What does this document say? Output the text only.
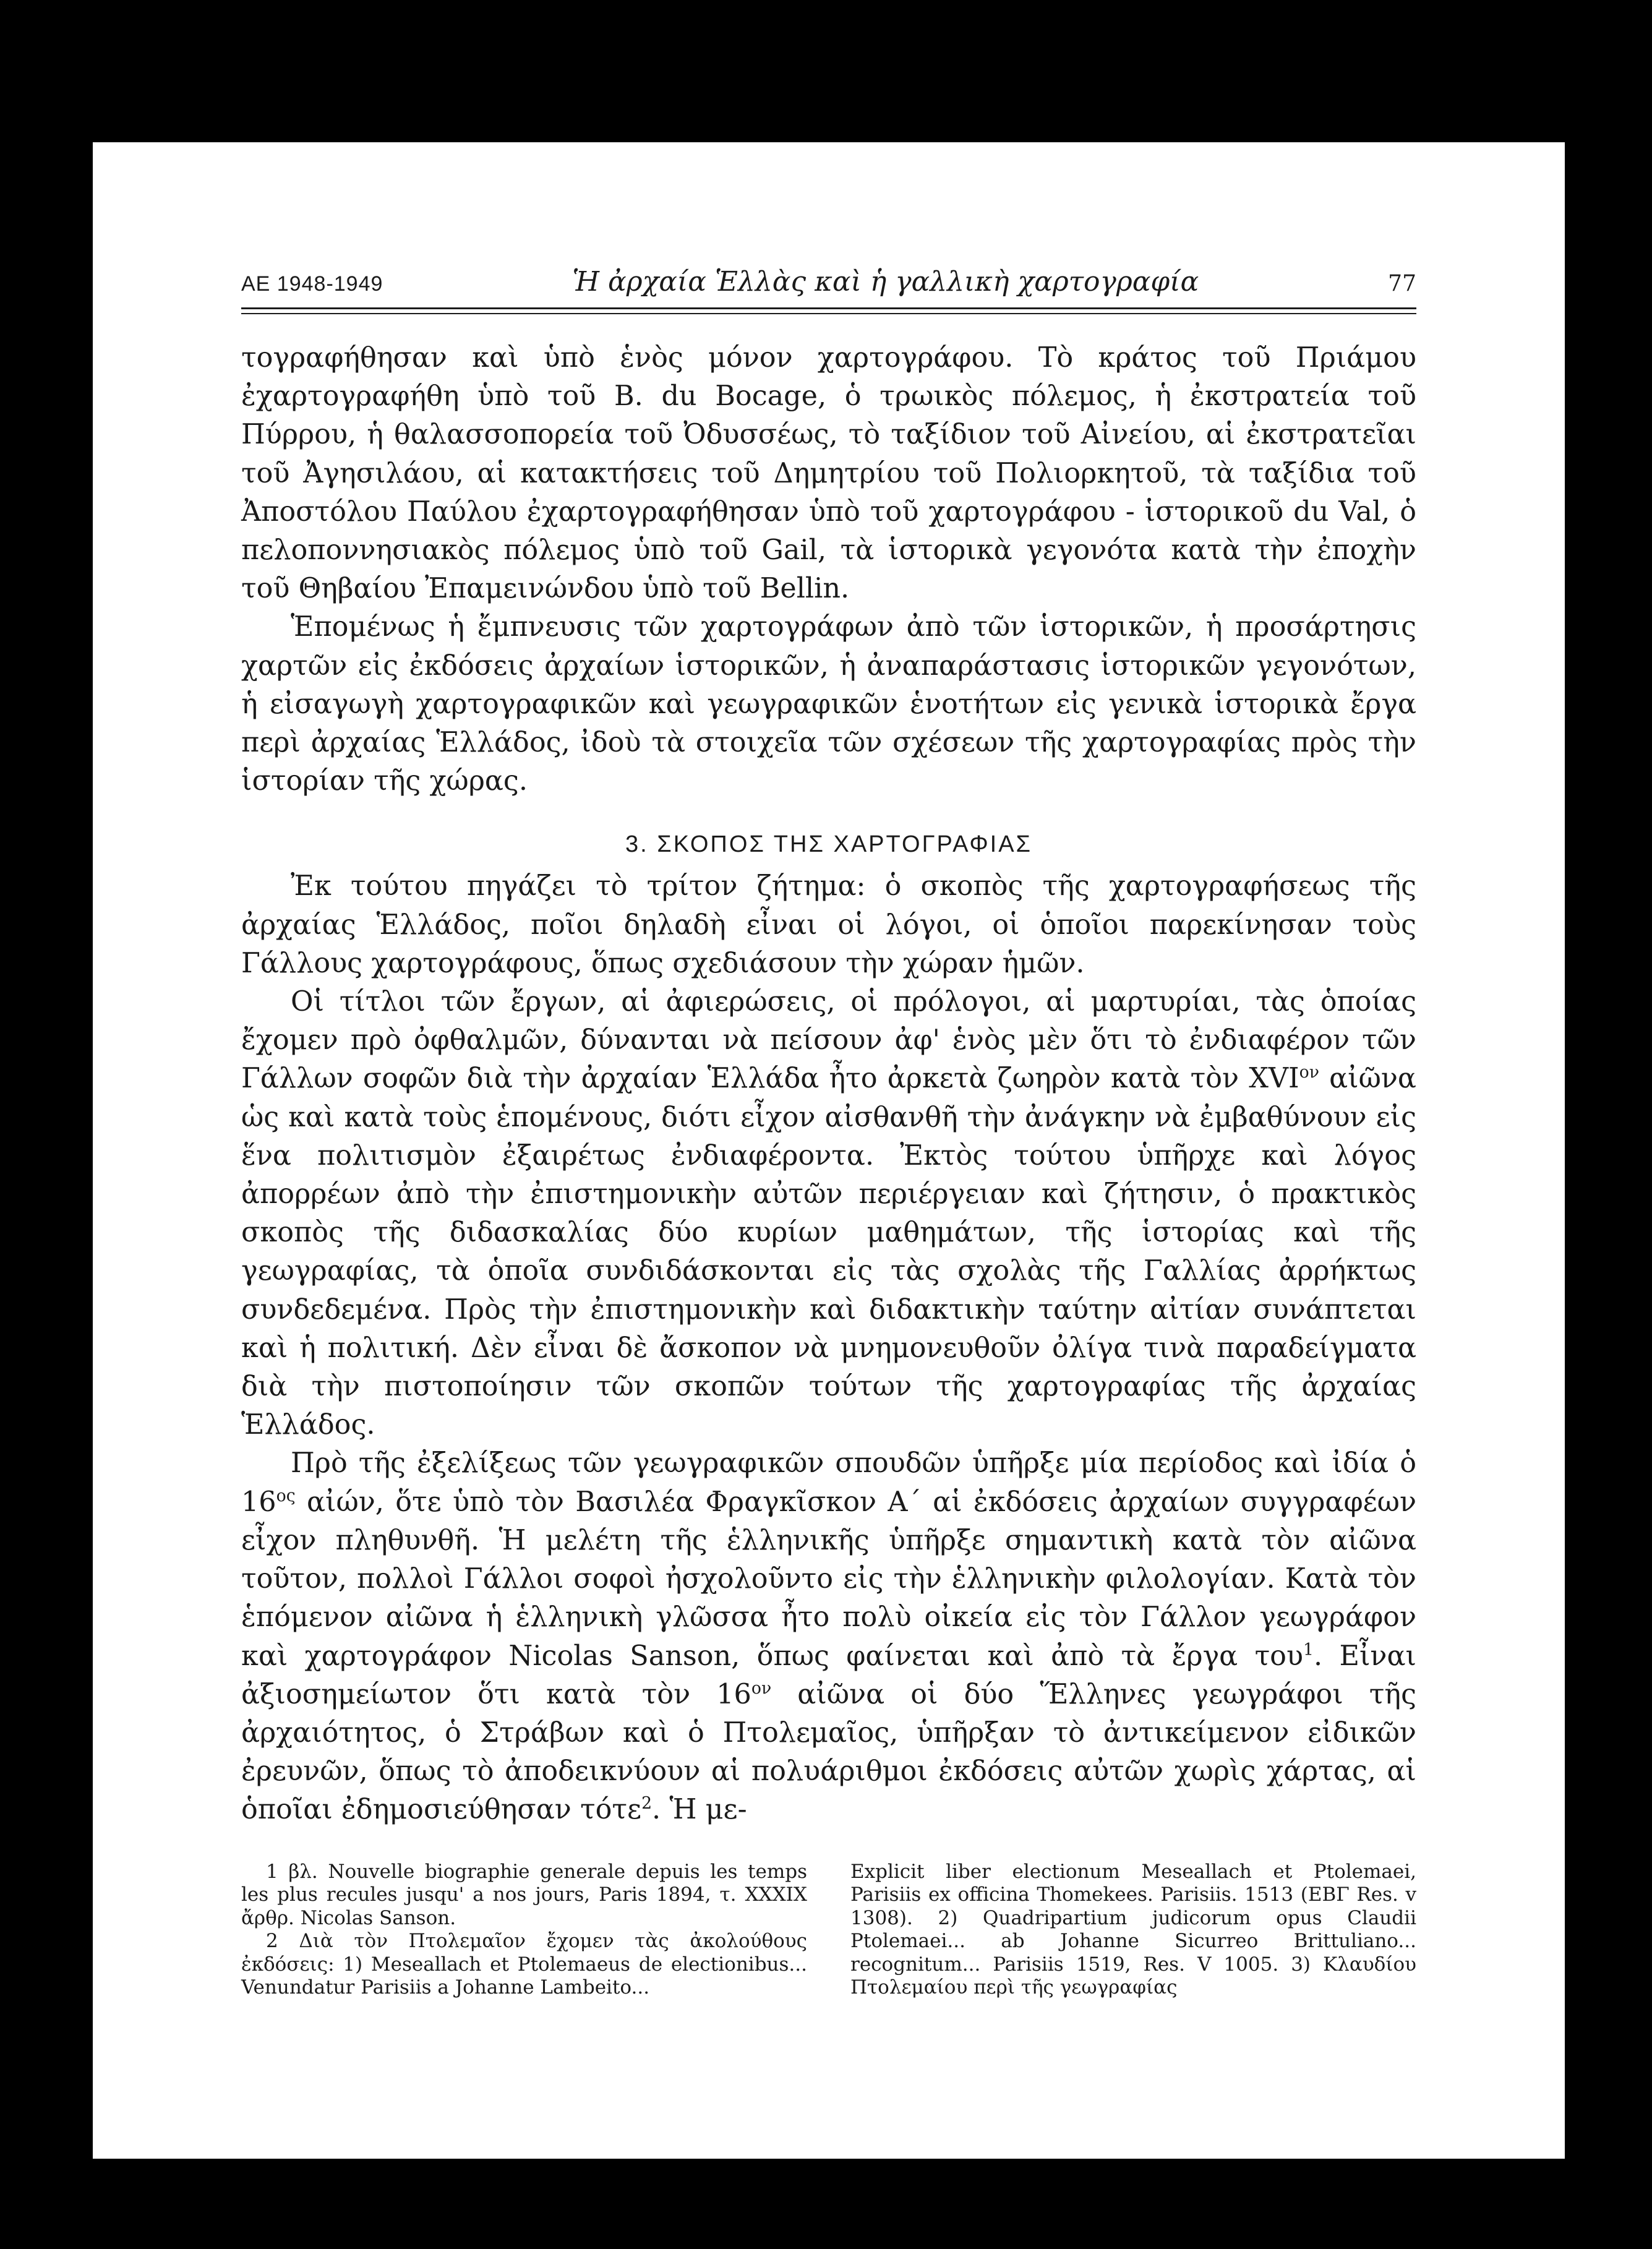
ΑΕ 1948-1949	Ἡ ἀρχαία Ἑλλὰς καὶ ἡ γαλλικὴ χαρτογραφία	77

τογραφήθησαν καὶ ὑπὸ ἑνὸς μόνον χαρτογράφου. Τὸ κράτος τοῦ Πριάμου ἐχαρτογραφήθη ὑπὸ τοῦ Β. du Bocage, ὁ τρωικὸς πόλεμος, ἡ ἐκστρατεία τοῦ Πύρρου, ἡ θαλασσοπορεία τοῦ Ὀδυσσέως, τὸ ταξίδιον τοῦ Αἰνείου, αἱ ἐκστρατεῖαι τοῦ Ἀγησιλάου, αἱ κατακτήσεις τοῦ Δημητρίου τοῦ Πολιορκητοῦ, τὰ ταξίδια τοῦ Ἀποστόλου Παύλου ἐχαρτογραφήθησαν ὑπὸ τοῦ χαρτογράφου - ἱστορικοῦ du Val, ὁ πελοποννησιακὸς πόλεμος ὑπὸ τοῦ Gail, τὰ ἱστορικὰ γεγονότα κατὰ τὴν ἐποχὴν τοῦ Θηβαίου Ἐπαμεινώνδου ὑπὸ τοῦ Bellin.

Ἑπομένως ἡ ἔμπνευσις τῶν χαρτογράφων ἀπὸ τῶν ἱστορικῶν, ἡ προσάρτησις χαρτῶν εἰς ἐκδόσεις ἀρχαίων ἱστορικῶν, ἡ ἀναπαράστασις ἱστορικῶν γεγονότων, ἡ εἰσαγωγὴ χαρτογραφικῶν καὶ γεωγραφικῶν ἑνοτήτων εἰς γενικὰ ἱστορικὰ ἔργα περὶ ἀρχαίας Ἑλλάδος, ἰδοὺ τὰ στοιχεῖα τῶν σχέσεων τῆς χαρτογραφίας πρὸς τὴν ἱστορίαν τῆς χώρας.

3. ΣΚΟΠΟΣ ΤΗΣ ΧΑΡΤΟΓΡΑΦΙΑΣ

Ἐκ τούτου πηγάζει τὸ τρίτον ζήτημα: ὁ σκοπὸς τῆς χαρτογραφήσεως τῆς ἀρχαίας Ἑλλάδος, ποῖοι δηλαδὴ εἶναι οἱ λόγοι, οἱ ὁποῖοι παρεκίνησαν τοὺς Γάλλους χαρτογράφους, ὅπως σχεδιάσουν τὴν χώραν ἡμῶν.

Οἱ τίτλοι τῶν ἔργων, αἱ ἀφιερώσεις, οἱ πρόλογοι, αἱ μαρτυρίαι, τὰς ὁποίας ἔχομεν πρὸ ὀφθαλμῶν, δύνανται νὰ πείσουν ἀφ' ἑνὸς μὲν ὅτι τὸ ἐνδιαφέρον τῶν Γάλλων σοφῶν διὰ τὴν ἀρχαίαν Ἑλλάδα ἦτο ἀρκετὰ ζωηρὸν κατὰ τὸν $XVI^{o\nu}$ αἰῶνα ὡς καὶ κατὰ τοὺς ἑπομένους, διότι εἶχον αἰσθανθῆ τὴν ἀνάγκην νὰ ἐμβαθύνουν εἰς ἕνα πολιτισμὸν ἐξαιρέτως ἐνδιαφέροντα. Ἐκτὸς τούτου ὑπῆρχε καὶ λόγος ἀπορρέων ἀπὸ τὴν ἐπιστημονικὴν αὐτῶν περιέργειαν καὶ ζήτησιν, ὁ πρακτικὸς σκοπὸς τῆς διδασκαλίας δύο κυρίων μαθημάτων, τῆς ἱστορίας καὶ τῆς γεωγραφίας, τὰ ὁποῖα συνδιδάσκονται εἰς τὰς σχολὰς τῆς Γαλλίας ἀρρήκτως συνδεδεμένα. Πρὸς τὴν ἐπιστημονικὴν καὶ διδακτικὴν ταύτην αἰτίαν συνάπτεται καὶ ἡ πολιτική. Δὲν εἶναι δὲ ἄσκοπον νὰ μνημονευθοῦν ὀλίγα τινὰ παραδείγματα διὰ τὴν πιστοποίησιν τῶν σκοπῶν τούτων τῆς χαρτογραφίας τῆς ἀρχαίας Ἑλλάδος.

Πρὸ τῆς ἐξελίξεως τῶν γεωγραφικῶν σπουδῶν ὑπῆρξε μία περίοδος καὶ ἰδία ὁ $16^{o\varsigma}$ αἰών, ὅτε ὑπὸ τὸν Βασιλέα Φραγκῖσκον Α´ αἱ ἐκδόσεις ἀρχαίων συγγραφέων εἶχον πληθυνθῆ. Ἡ μελέτη τῆς ἑλληνικῆς ὑπῆρξε σημαντικὴ κατὰ τὸν αἰῶνα τοῦτον, πολλοὶ Γάλλοι σοφοὶ ἠσχολοῦντο εἰς τὴν ἑλληνικὴν φιλολογίαν. Κατὰ τὸν ἑπόμενον αἰῶνα ἡ ἑλληνικὴ γλῶσσα ἦτο πολὺ οἰκεία εἰς τὸν Γάλλον γεωγράφον καὶ χαρτογράφον Nicolas Sanson, ὅπως φαίνεται καὶ ἀπὸ τὰ ἔργα του$^1$. Εἶναι ἀξιοσημείωτον ὅτι κατὰ τὸν $16^{o\nu}$ αἰῶνα οἱ δύο Ἕλληνες γεωγράφοι τῆς ἀρχαιότητος, ὁ Στράβων καὶ ὁ Πτολεμαῖος, ὑπῆρξαν τὸ ἀντικείμενον εἰδικῶν ἐρευνῶν, ὅπως τὸ ἀποδεικνύουν αἱ πολυάριθμοι ἐκδόσεις αὐτῶν χωρὶς χάρτας, αἱ ὁποῖαι ἐδημοσιεύθησαν τότε$^2$. Ἡ με-

1 βλ. Nouvelle biographie generale depuis les temps les plus recules jusqu' a nos jours, Paris 1894, τ. XXXIX ἄρθρ. Nicolas Sanson.

2 Διὰ τὸν Πτολεμαῖον ἔχομεν τὰς ἀκολούθους ἐκδόσεις: 1) Meseallach et Ptolemaeus de electionibus... Venundatur Parisiis a Johanne Lambeito...

Explicit liber electionum Meseallach et Ptolemaei, Parisiis ex officina Thomekees. Parisiis. 1513 (ΕΒΓ Res. v 1308). 2) Quadripartium judicorum opus Claudii Ptolemaei... ab Johanne Sicurreo Brittuliano... recognitum... Parisiis 1519, Res. V 1005. 3) Κλαυδίου Πτολεμαίου περὶ τῆς γεωγραφίας
